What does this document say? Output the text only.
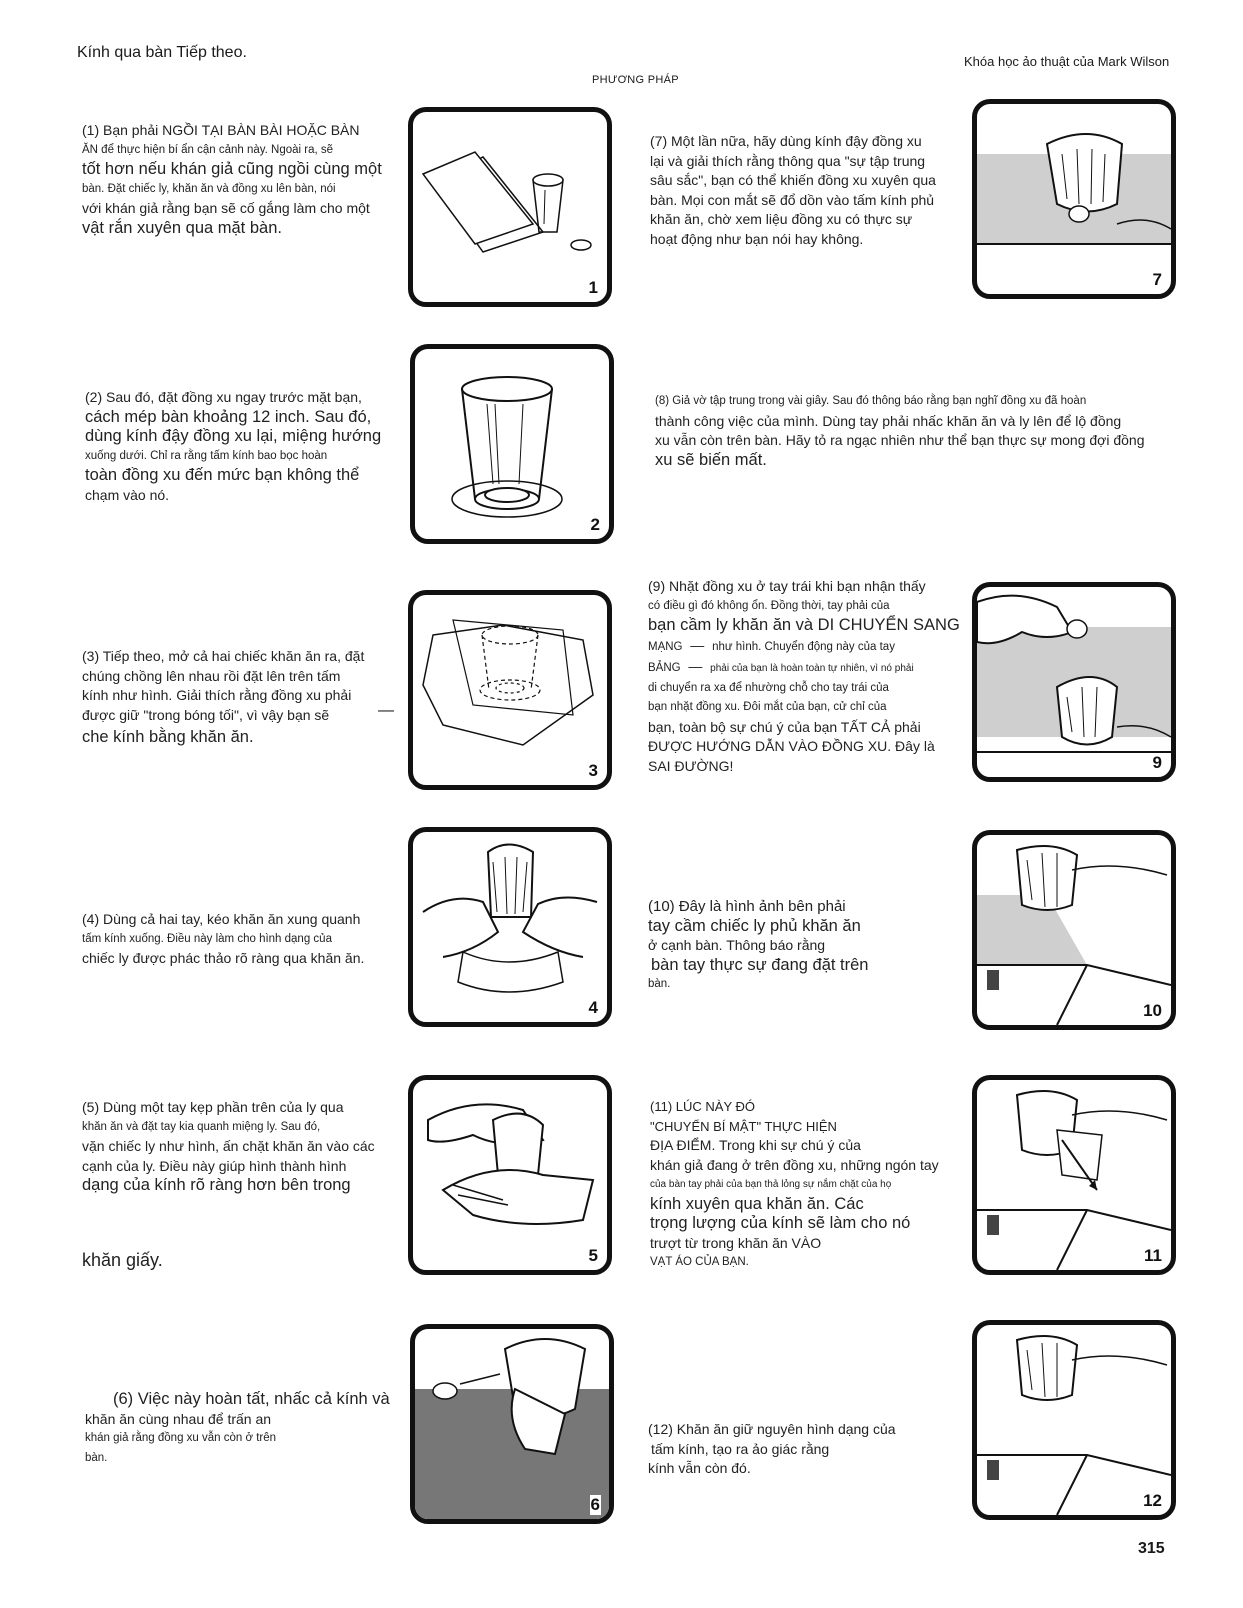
Kính qua bàn Tiếp theo.
Khóa học ảo thuật của Mark Wilson
PHƯƠNG PHÁP
(1) Bạn phải NGỒI TẠI BÀN BÀI HOẶC BÀN
ĂN để thực hiện bí ẩn cận cảnh này. Ngoài ra, sẽ
tốt hơn nếu khán giả cũng ngồi cùng một
bàn. Đặt chiếc ly, khăn ăn và đồng xu lên bàn, nói
với khán giả rằng bạn sẽ cố gắng làm cho một
vật rắn xuyên qua mặt bàn.
1
(2) Sau đó, đặt đồng xu ngay trước mặt bạn,
cách mép bàn khoảng 12 inch. Sau đó,
dùng kính đậy đồng xu lại, miệng hướng
xuống dưới. Chỉ ra rằng tấm kính bao bọc hoàn
toàn đồng xu đến mức bạn không thể
chạm vào nó.
2
(3) Tiếp theo, mở cả hai chiếc khăn ăn ra, đặt
chúng chồng lên nhau rồi đặt lên trên tấm
kính như hình. Giải thích rằng đồng xu phải
được giữ "trong bóng tối", vì vậy bạn sẽ
che kính bằng khăn ăn.
—
3
(4) Dùng cả hai tay, kéo khăn ăn xung quanh
tấm kính xuống. Điều này làm cho hình dạng của
chiếc ly được phác thảo rõ ràng qua khăn ăn.
4
(5) Dùng một tay kẹp phần trên của ly qua
khăn ăn và đặt tay kia quanh miệng ly. Sau đó,
vặn chiếc ly như hình, ấn chặt khăn ăn vào các
cạnh của ly. Điều này giúp hình thành hình
dạng của kính rõ ràng hơn bên trong
khăn giấy.	5
(6) Việc này hoàn tất, nhấc cả kính và
khăn ăn cùng nhau để trấn an
khán giả rằng đồng xu vẫn còn ở trên
bàn.
6
(7) Một lần nữa, hãy dùng kính đậy đồng xu
lại và giải thích rằng thông qua "sự tập trung
sâu sắc", bạn có thể khiến đồng xu xuyên qua
bàn. Mọi con mắt sẽ đổ dồn vào tấm kính phủ
khăn ăn, chờ xem liệu đồng xu có thực sự
hoạt động như bạn nói hay không.
7
(8) Giả vờ tập trung trong vài giây. Sau đó thông báo rằng bạn nghĩ đồng xu đã hoàn
thành công việc của mình. Dùng tay phải nhấc khăn ăn và ly lên để lộ đồng
xu vẫn còn trên bàn. Hãy tỏ ra ngạc nhiên như thể bạn thực sự mong đợi đồng
xu sẽ biến mất.
(9) Nhặt đồng xu ở tay trái khi bạn nhận thấy
có điều gì đó không ổn. Đồng thời, tay phải của
bạn cầm ly khăn ăn và DI CHUYỂN SANG
MẠNG — như hình. Chuyển động này của tay
BẢNG — phải của bạn là hoàn toàn tự nhiên, vì nó phải
di chuyển ra xa để nhường chỗ cho tay trái của
bạn nhặt đồng xu. Đôi mắt của bạn, cử chỉ của
bạn, toàn bộ sự chú ý của bạn TẤT CẢ phải
ĐƯỢC HƯỚNG DẪN VÀO ĐỒNG XU. Đây là
SAI ĐƯỜNG!	9
(10) Đây là hình ảnh bên phải
tay cầm chiếc ly phủ khăn ăn
ở cạnh bàn. Thông báo rằng
bàn tay thực sự đang đặt trên
bàn.
10
(11) LÚC NÀY ĐÓ
"CHUYỂN BÍ MẬT" THỰC HIỆN
ĐỊA ĐIỂM. Trong khi sự chú ý của
khán giả đang ở trên đồng xu, những ngón tay
của bàn tay phải của bạn thả lỏng sự nắm chặt của họ
kính xuyên qua khăn ăn. Các
trọng lượng của kính sẽ làm cho nó
trượt từ trong khăn ăn VÀO
VẠT ÁO CỦA BẠN.	11
(12) Khăn ăn giữ nguyên hình dạng của
tấm kính, tạo ra ảo giác rằng
kính vẫn còn đó.
12
315
